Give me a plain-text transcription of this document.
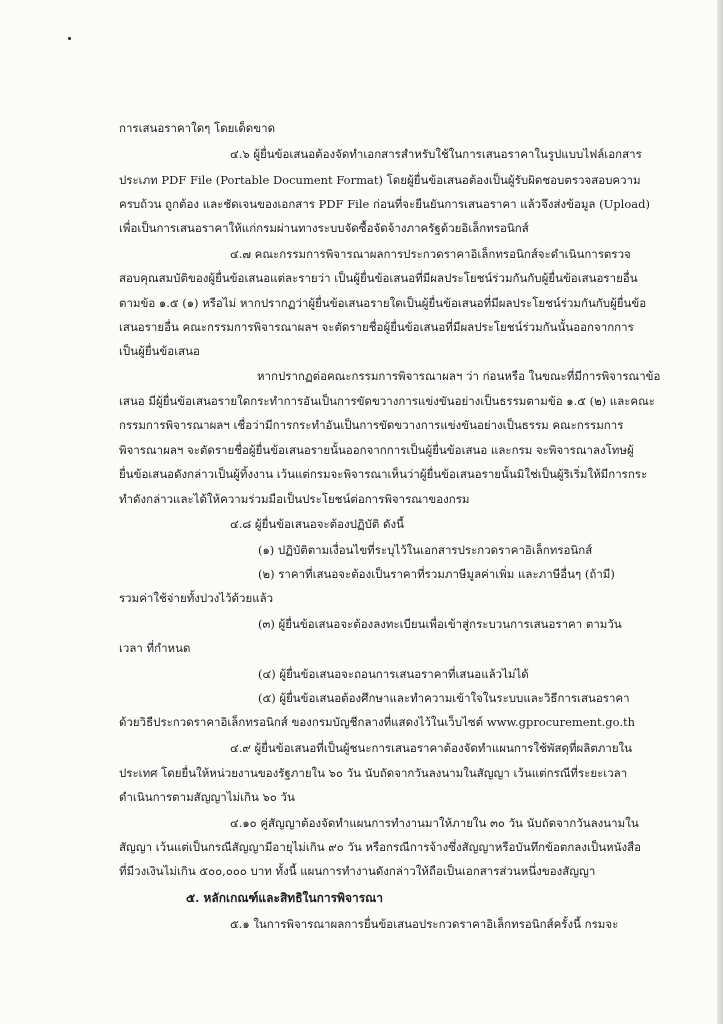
การเสนอราคาใดๆ โดยเด็ดขาด
๔.๖ ผู้ยื่นข้อเสนอต้องจัดทำเอกสารสำหรับใช้ในการเสนอราคาในรูปแบบไฟล์เอกสาร
ประเภท PDF File (Portable Document Format) โดยผู้ยื่นข้อเสนอต้องเป็นผู้รับผิดชอบตรวจสอบความ
ครบถ้วน ถูกต้อง และชัดเจนของเอกสาร PDF File ก่อนที่จะยืนยันการเสนอราคา แล้วจึงส่งข้อมูล (Upload)
เพื่อเป็นการเสนอราคาให้แก่กรมผ่านทางระบบจัดซื้อจัดจ้างภาครัฐด้วยอิเล็กทรอนิกส์
๔.๗ คณะกรรมการพิจารณาผลการประกวดราคาอิเล็กทรอนิกส์จะดำเนินการตรวจ
สอบคุณสมบัติของผู้ยื่นข้อเสนอแต่ละรายว่า เป็นผู้ยื่นข้อเสนอที่มีผลประโยชน์ร่วมกันกับผู้ยื่นข้อเสนอรายอื่น
ตามข้อ ๑.๕ (๑) หรือไม่ หากปรากฏว่าผู้ยื่นข้อเสนอรายใดเป็นผู้ยื่นข้อเสนอที่มีผลประโยชน์ร่วมกันกับผู้ยื่นข้อ
เสนอรายอื่น คณะกรรมการพิจารณาผลฯ จะตัดรายชื่อผู้ยื่นข้อเสนอที่มีผลประโยชน์ร่วมกันนั้นออกจากการ
เป็นผู้ยื่นข้อเสนอ
หากปรากฏต่อคณะกรรมการพิจารณาผลฯ ว่า ก่อนหรือ ในขณะที่มีการพิจารณาข้อ
เสนอ มีผู้ยื่นข้อเสนอรายใดกระทำการอันเป็นการขัดขวางการแข่งขันอย่างเป็นธรรมตามข้อ ๑.๕ (๒) และคณะ
กรรมการพิจารณาผลฯ เชื่อว่ามีการกระทำอันเป็นการขัดขวางการแข่งขันอย่างเป็นธรรม คณะกรรมการ
พิจารณาผลฯ จะตัดรายชื่อผู้ยื่นข้อเสนอรายนั้นออกจากการเป็นผู้ยื่นข้อเสนอ และกรม จะพิจารณาลงโทษผู้
ยื่นข้อเสนอดังกล่าวเป็นผู้ทิ้งงาน เว้นแต่กรมจะพิจารณาเห็นว่าผู้ยื่นข้อเสนอรายนั้นมิใช่เป็นผู้ริเริ่มให้มีการกระ
ทำดังกล่าวและได้ให้ความร่วมมือเป็นประโยชน์ต่อการพิจารณาของกรม
๔.๘ ผู้ยื่นข้อเสนอจะต้องปฏิบัติ ดังนี้
(๑) ปฏิบัติตามเงื่อนไขที่ระบุไว้ในเอกสารประกวดราคาอิเล็กทรอนิกส์
(๒) ราคาที่เสนอจะต้องเป็นราคาที่รวมภาษีมูลค่าเพิ่ม และภาษีอื่นๆ (ถ้ามี)
รวมค่าใช้จ่ายทั้งปวงไว้ด้วยแล้ว
(๓) ผู้ยื่นข้อเสนอจะต้องลงทะเบียนเพื่อเข้าสู่กระบวนการเสนอราคา ตามวัน
เวลา ที่กำหนด
(๔) ผู้ยื่นข้อเสนอจะถอนการเสนอราคาที่เสนอแล้วไม่ได้
(๕) ผู้ยื่นข้อเสนอต้องศึกษาและทำความเข้าใจในระบบและวิธีการเสนอราคา
ด้วยวิธีประกวดราคาอิเล็กทรอนิกส์ ของกรมบัญชีกลางที่แสดงไว้ในเว็บไซต์ www.gprocurement.go.th
๔.๙ ผู้ยื่นข้อเสนอที่เป็นผู้ชนะการเสนอราคาต้องจัดทำแผนการใช้พัสดุที่ผลิตภายใน
ประเทศ โดยยื่นให้หน่วยงานของรัฐภายใน ๖๐ วัน นับถัดจากวันลงนามในสัญญา เว้นแต่กรณีที่ระยะเวลา
ดำเนินการตามสัญญาไม่เกิน ๖๐ วัน
๔.๑๐ คู่สัญญาต้องจัดทำแผนการทำงานมาให้ภายใน ๓๐ วัน นับถัดจากวันลงนามใน
สัญญา เว้นแต่เป็นกรณีสัญญามีอายุไม่เกิน ๙๐ วัน หรือกรณีการจ้างซึ่งสัญญาหรือบันทึกข้อตกลงเป็นหนังสือ
ที่มีวงเงินไม่เกิน ๕๐๐,๐๐๐ บาท ทั้งนี้ แผนการทำงานดังกล่าวให้ถือเป็นเอกสารส่วนหนึ่งของสัญญา
๕. หลักเกณฑ์และสิทธิในการพิจารณา
๕.๑ ในการพิจารณาผลการยื่นข้อเสนอประกวดราคาอิเล็กทรอนิกส์ครั้งนี้ กรมจะ
